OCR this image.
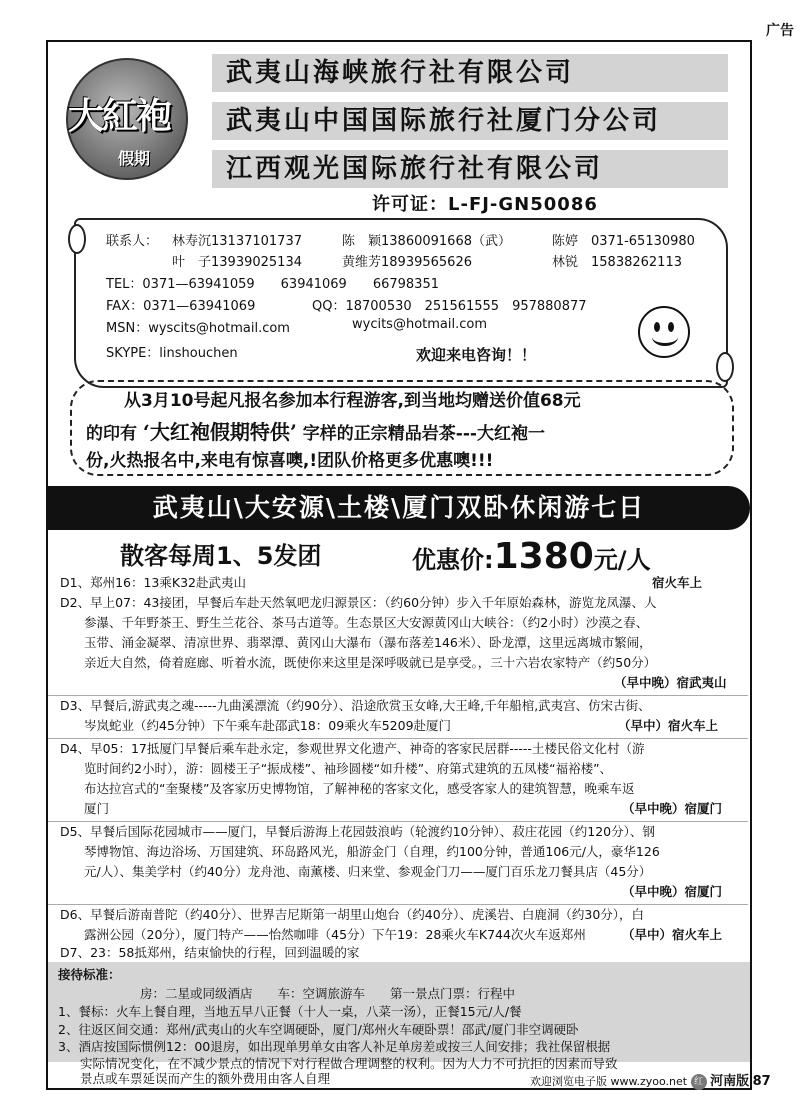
广告
大紅袍
假期
武夷山海峡旅行社有限公司
武夷山中国国际旅行社厦门分公司
江西观光国际旅行社有限公司
许可证：L-FJ-GN50086
联系人： 林寿沉13137101737	陈　颖13860091668（武）	陈婷　0371-65130980
叶　子13939025134	黄维芳18939565626	林锐　15838262113
TEL：0371—63941059　　63941069　　66798351
FAX：0371—63941069	QQ：18700530　251561555　957880877
MSN：wyscits@hotmail.com	wycits@hotmail.com
SKYPE：linshouchen	欢迎来电咨询！！
从3月10号起凡报名参加本行程游客,到当地均赠送价值68元
的印有 ‘大红袍假期特供’ 字样的正宗精品岩茶---大红袍一
份,火热报名中,来电有惊喜噢,!团队价格更多优惠噢!!!
武夷山\大安源\土楼\厦门双卧休闲游七日
散客每周1、5发团	优惠价:1380元/人
D1、郑州16：13乘K32赴武夷山	宿火车上
D2、早上07：43接团，早餐后车赴天然氧吧龙归源景区：（约60分钟）步入千年原始森林，游览龙凤瀑、人
参瀑、千年野茶王、野生兰花谷、茶马古道等。生态景区大安源黄冈山大峡谷：（约2小时）沙漠之春、
玉带、涌金凝翠、清凉世界、翡翠潭、黄冈山大瀑布（瀑布落差146米）、卧龙潭，这里远离城市繁闹，
亲近大自然，倚着庭廊、听着水流，既使你来这里是深呼吸就已是享受。，三十六岩农家特产（约50分）
（早中晚）宿武夷山
D3、早餐后,游武夷之魂-----九曲溪漂流（约90分）、沿途欣赏玉女峰,大王峰,千年船棺,武夷宫、仿宋古街、
岑岚蛇业（约45分钟）下午乘车赴邵武18：09乘火车5209赴厦门	（早中）宿火车上
D4、早05：17抵厦门早餐后乘车赴永定，参观世界文化遗产、神奇的客家民居群-----土楼民俗文化村（游
览时间约2小时），游：圆楼王子“振成楼”、袖珍圆楼“如升楼”、府第式建筑的五凤楼“福裕楼”、
布达拉宫式的“奎聚楼”及客家历史博物馆，了解神秘的客家文化，感受客家人的建筑智慧，晚乘车返
厦门	（早中晚）宿厦门
D5、早餐后国际花园城市——厦门，早餐后游海上花园鼓浪屿（轮渡约10分钟）、菽庄花园（约120分）、钢
琴博物馆、海边浴场、万国建筑、环岛路风光，船游金门（自理，约100分钟，普通106元/人，豪华126
元/人）、集美学村（约40分）龙舟池、南薰楼、归来堂、参观金门刀——厦门百乐龙刀餐具店（45分）
（早中晚）宿厦门
D6、早餐后游南普陀（约40分）、世界吉尼斯第一胡里山炮台（约40分）、虎溪岩、白鹿洞（约30分），白
接待标准：
房：二星或同级酒店　　车：空调旅游车　　第一景点门票：行程中
1、餐标：火车上餐自理，当地五早八正餐（十人一桌，八菜一汤），正餐15元/人/餐
2、往返区间交通：郑州/武夷山的火车空调硬卧，厦门/郑州火车硬卧票！邵武/厦门非空调硬卧
3、酒店按国际惯例12：00退房，如出现单男单女由客人补足单房差或按三人间安排；我社保留根据
实际情况变化，在不减少景点的情况下对行程做合理调整的权利。因为人力不可抗拒的因素而导致
景点或车票延误而产生的额外费用由客人自理	欢迎浏览电子版 www.zyoo.net 红 河南版 87
露洲公园（20分），厦门特产——怡然咖啡（45分）下午19：28乘火车K744次火车返郑州	（早中）宿火车上
D7、23：58抵郑州，结束愉快的行程，回到温暖的家
